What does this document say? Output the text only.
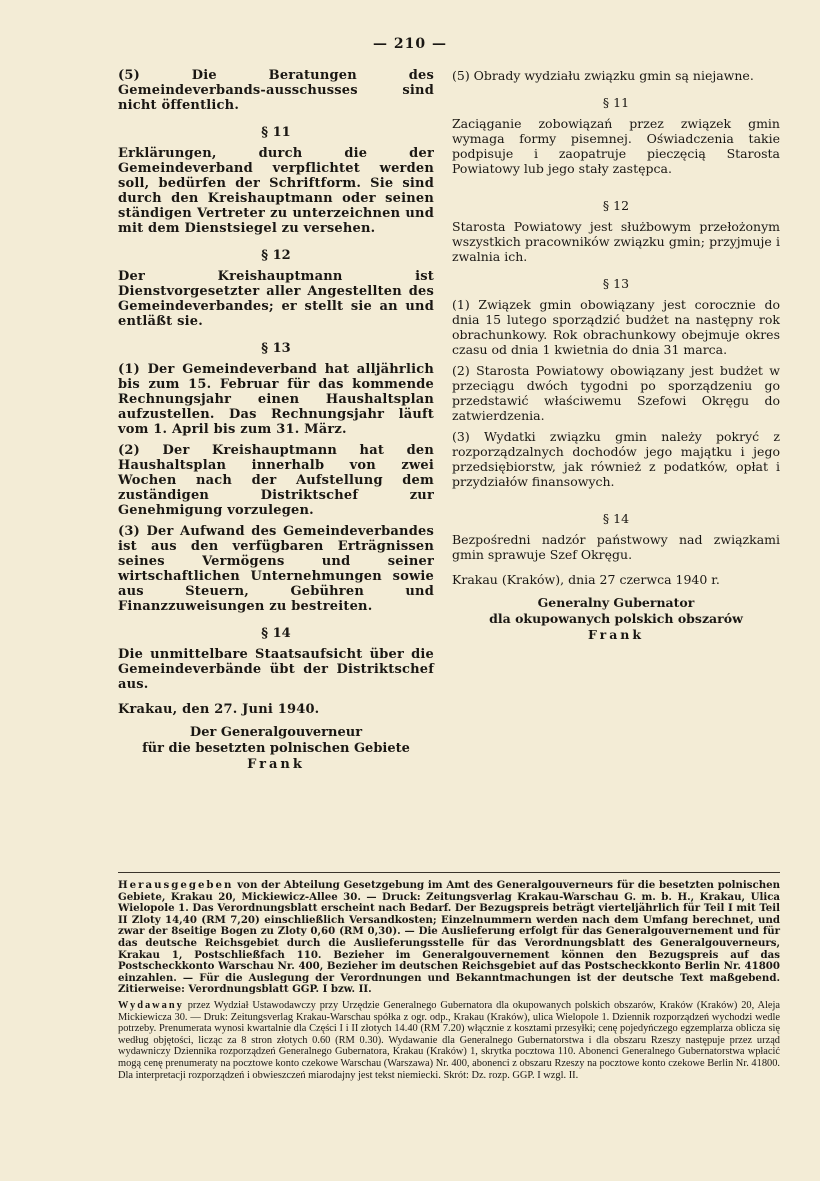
— 210 —

(5) Die Beratungen des Gemeindeverbands-ausschusses sind nicht öffentlich.

§ 11

Erklärungen, durch die der Gemeindeverband verpflichtet werden soll, bedürfen der Schriftform. Sie sind durch den Kreishauptmann oder seinen ständigen Vertreter zu unterzeichnen und mit dem Dienstsiegel zu versehen.

§ 12

Der Kreishauptmann ist Dienstvorgesetzter aller Angestellten des Gemeindeverbandes; er stellt sie an und entläßt sie.

§ 13

(1) Der Gemeindeverband hat alljährlich bis zum 15. Februar für das kommende Rechnungsjahr einen Haushaltsplan aufzustellen. Das Rechnungsjahr läuft vom 1. April bis zum 31. März.

(2) Der Kreishauptmann hat den Haushaltsplan innerhalb von zwei Wochen nach der Aufstellung dem zuständigen Distriktschef zur Genehmigung vorzulegen.

(3) Der Aufwand des Gemeindeverbandes ist aus den verfügbaren Erträgnissen seines Vermögens und seiner wirtschaftlichen Unternehmungen sowie aus Steuern, Gebühren und Finanzzuweisungen zu bestreiten.

§ 14

Die unmittelbare Staatsaufsicht über die Gemeindeverbände übt der Distriktschef aus.

Krakau, den 27. Juni 1940.

Der Generalgouverneur
für die besetzten polnischen Gebiete
Frank

(5) Obrady wydziału związku gmin są niejawne.

§ 11

Zaciąganie zobowiązań przez związek gmin wymaga formy pisemnej. Oświadczenia takie podpisuje i zaopatruje pieczęcią Starosta Powiatowy lub jego stały zastępca.

§ 12

Starosta Powiatowy jest służbowym przełożonym wszystkich pracowników związku gmin; przyjmuje i zwalnia ich.

§ 13

(1) Związek gmin obowiązany jest corocznie do dnia 15 lutego sporządzić budżet na następny rok obrachunkowy. Rok obrachunkowy obejmuje okres czasu od dnia 1 kwietnia do dnia 31 marca.

(2) Starosta Powiatowy obowiązany jest budżet w przeciągu dwóch tygodni po sporządzeniu go przedstawić właściwemu Szefowi Okręgu do zatwierdzenia.

(3) Wydatki związku gmin należy pokryć z rozporządzalnych dochodów jego majątku i jego przedsiębiorstw, jak również z podatków, opłat i przydziałów finansowych.

§ 14

Bezpośredni nadzór państwowy nad związkami gmin sprawuje Szef Okręgu.

Krakau (Kraków), dnia 27 czerwca 1940 r.

Generalny Gubernator
dla okupowanych polskich obszarów
Frank

Herausgegeben von der Abteilung Gesetzgebung im Amt des Generalgouverneurs für die besetzten polnischen Gebiete, Krakau 20, Mickiewicz-Allee 30. — Druck: Zeitungsverlag Krakau-Warschau G. m. b. H., Krakau, Ulica Wielopole 1. Das Verordnungsblatt erscheint nach Bedarf. Der Bezugspreis beträgt vierteljährlich für Teil I mit Teil II Zloty 14,40 (RM 7,20) einschließlich Versandkosten; Einzelnummern werden nach dem Umfang berechnet, und zwar der 8seitige Bogen zu Zloty 0,60 (RM 0,30). — Die Auslieferung erfolgt für das Generalgouvernement und für das deutsche Reichsgebiet durch die Auslieferungsstelle für das Verordnungsblatt des Generalgouverneurs, Krakau 1, Postschließfach 110. Bezieher im Generalgouvernement können den Bezugspreis auf das Postscheckkonto Warschau Nr. 400, Bezieher im deutschen Reichsgebiet auf das Postscheckkonto Berlin Nr. 41800 einzahlen. — Für die Auslegung der Verordnungen und Bekanntmachungen ist der deutsche Text maßgebend. Zitierweise: Verordnungsblatt GGP. I bzw. II.

Wydawany przez Wydział Ustawodawczy przy Urzędzie Generalnego Gubernatora dla okupowanych polskich obszarów, Kraków (Kraków) 20, Aleja Mickiewicza 30. — Druk: Zeitungsverlag Krakau-Warschau spółka z ogr. odp., Krakau (Kraków), ulica Wielopole 1. Dziennik rozporządzeń wychodzi wedle potrzeby. Prenumerata wynosi kwartalnie dla Części I i II złotych 14.40 (RM 7.20) włącznie z kosztami przesyłki; cenę pojedyńczego egzemplarza oblicza się według objętości, licząc za 8 stron złotych 0.60 (RM 0.30). Wydawanie dla Generalnego Gubernatorstwa i dla obszaru Rzeszy następuje przez urząd wydawniczy Dziennika rozporządzeń Generalnego Gubernatora, Krakau (Kraków) 1, skrytka pocztowa 110. Abonenci Generalnego Gubernatorstwa wpłacić mogą cenę prenumeraty na pocztowe konto czekowe Warschau (Warszawa) Nr. 400, abonenci z obszaru Rzeszy na pocztowe konto czekowe Berlin Nr. 41800. Dla interpretacji rozporządzeń i obwieszczeń miarodajny jest tekst niemiecki. Skrót: Dz. rozp. GGP. I wzgl. II.
